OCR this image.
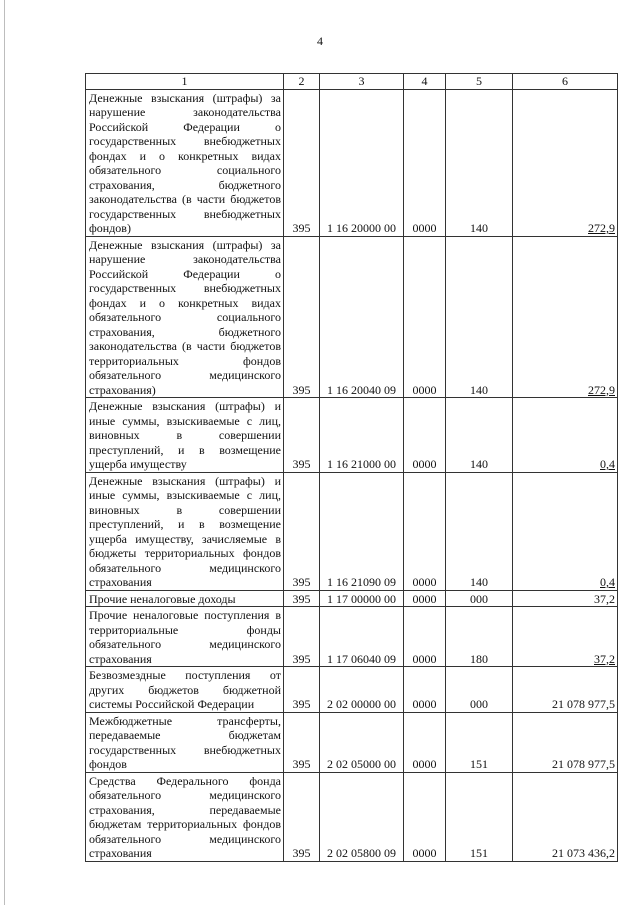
4
1	2	3	4	5	6
Денежные взыскания (штрафы) за нарушение законодательства Российской Федерации о государственных внебюджетных фондах и о конкретных видах обязательного социального страхования, бюджетного законодательства (в части бюджетов государственных внебюджетных фондов)	395	1 16 20000 00	0000	140	272,9
Денежные взыскания (штрафы) за нарушение законодательства Российской Федерации о государственных внебюджетных фондах и о конкретных видах обязательного социального страхования, бюджетного законодательства (в части бюджетов территориальных фондов обязательного медицинского страхования)	395	1 16 20040 09	0000	140	272,9
Денежные взыскания (штрафы) и иные суммы, взыскиваемые с лиц, виновных в совершении преступлений, и в возмещение ущерба имуществу	395	1 16 21000 00	0000	140	0,4
Денежные взыскания (штрафы) и иные суммы, взыскиваемые с лиц, виновных в совершении преступлений, и в возмещение ущерба имуществу, зачисляемые в бюджеты территориальных фондов обязательного медицинского страхования	395	1 16 21090 09	0000	140	0,4
Прочие неналоговые доходы	395	1 17 00000 00	0000	000	37,2
Прочие неналоговые поступления в территориальные фонды обязательного медицинского страхования	395	1 17 06040 09	0000	180	37,2
Безвозмездные поступления от других бюджетов бюджетной системы Российской Федерации	395	2 02 00000 00	0000	000	21 078 977,5
Межбюджетные трансферты, передаваемые бюджетам государственных внебюджетных фондов	395	2 02 05000 00	0000	151	21 078 977,5
Средства Федерального фонда обязательного медицинского страхования, передаваемые бюджетам территориальных фондов обязательного медицинского страхования	395	2 02 05800 09	0000	151	21 073 436,2
